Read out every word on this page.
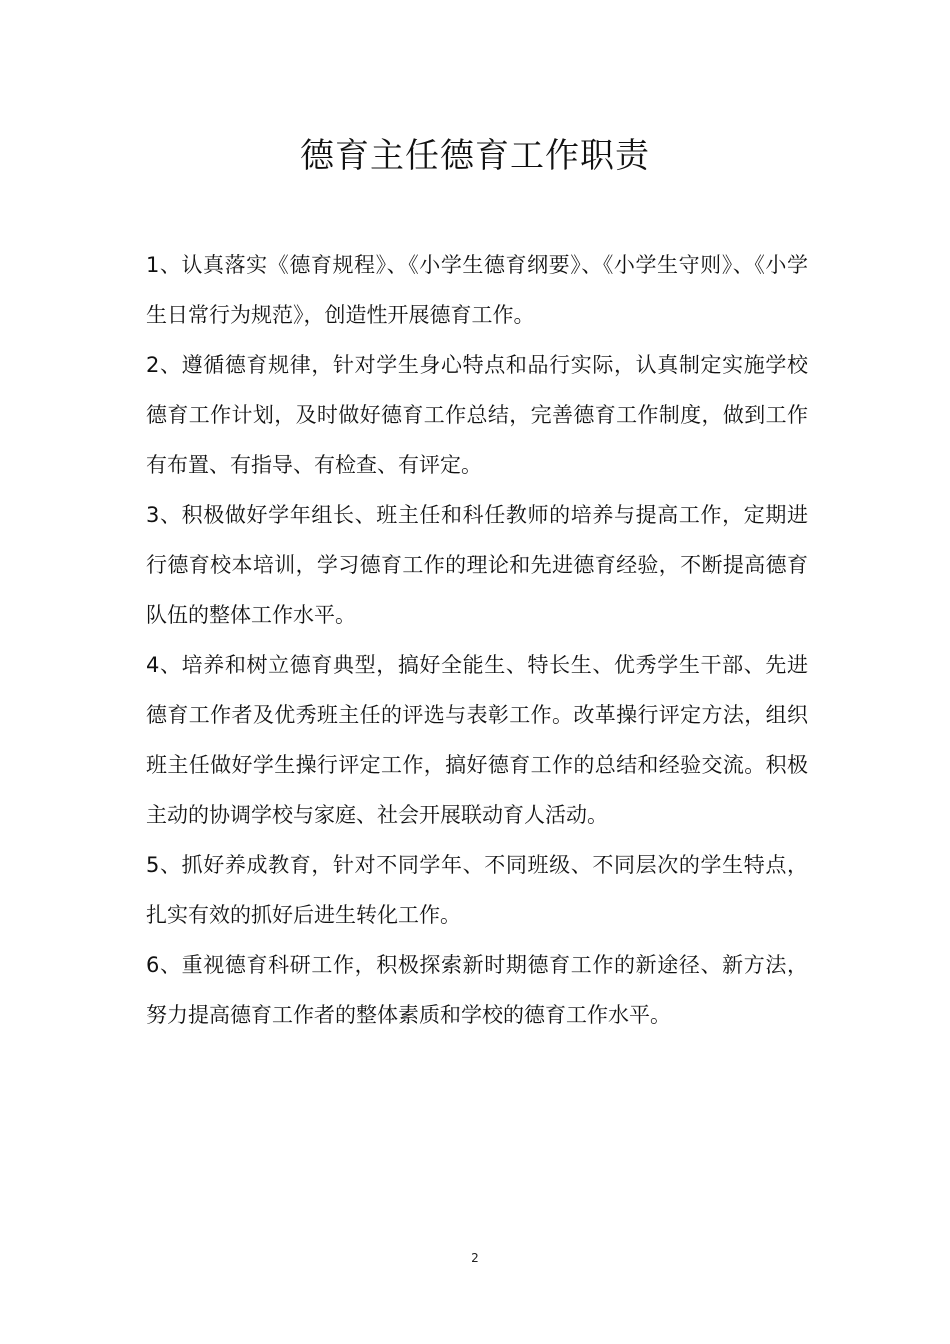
德育主任德育工作职责

1、认真落实《德育规程》、《小学生德育纲要》、《小学生守则》、《小学生日常行为规范》，创造性开展德育工作。

2、遵循德育规律，针对学生身心特点和品行实际，认真制定实施学校德育工作计划，及时做好德育工作总结，完善德育工作制度，做到工作有布置、有指导、有检查、有评定。

3、积极做好学年组长、班主任和科任教师的培养与提高工作，定期进行德育校本培训，学习德育工作的理论和先进德育经验，不断提高德育队伍的整体工作水平。

4、培养和树立德育典型，搞好全能生、特长生、优秀学生干部、先进德育工作者及优秀班主任的评选与表彰工作。改革操行评定方法，组织班主任做好学生操行评定工作，搞好德育工作的总结和经验交流。积极主动的协调学校与家庭、社会开展联动育人活动。

5、抓好养成教育，针对不同学年、不同班级、不同层次的学生特点，扎实有效的抓好后进生转化工作。

6、重视德育科研工作，积极探索新时期德育工作的新途径、新方法，努力提高德育工作者的整体素质和学校的德育工作水平。

2
